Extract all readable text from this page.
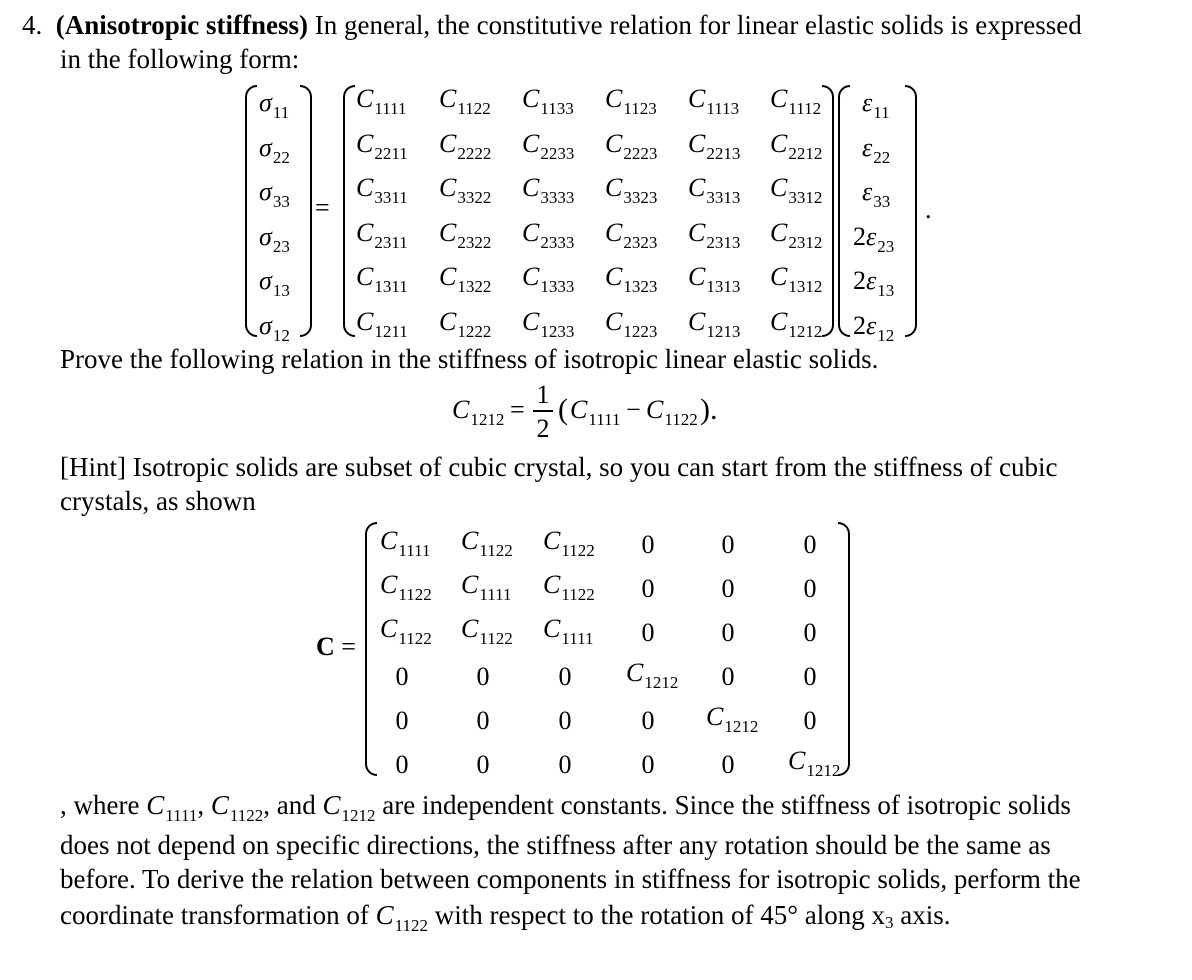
4. (Anisotropic stiffness) In general, the constitutive relation for linear elastic solids is expressed
in the following form:
$\sigma_{11}$
$\sigma_{22}$
$\sigma_{33}$
$\sigma_{23}$
$\sigma_{13}$
$\sigma_{12}$
=
$C_{1111}$ $C_{1122}$ $C_{1133}$ $C_{1123}$ $C_{1113}$ $C_{1112}$
$C_{2211}$ $C_{2222}$ $C_{2233}$ $C_{2223}$ $C_{2213}$ $C_{2212}$
$C_{3311}$ $C_{3322}$ $C_{3333}$ $C_{3323}$ $C_{3313}$ $C_{3312}$
$C_{2311}$ $C_{2322}$ $C_{2333}$ $C_{2323}$ $C_{2313}$ $C_{2312}$
$C_{1311}$ $C_{1322}$ $C_{1333}$ $C_{1323}$ $C_{1313}$ $C_{1312}$
$C_{1211}$ $C_{1222}$ $C_{1233}$ $C_{1223}$ $C_{1213}$ $C_{1212}$
$\varepsilon_{11}$
$\varepsilon_{22}$
$\varepsilon_{33}$
$2\varepsilon_{23}$
$2\varepsilon_{13}$
$2\varepsilon_{12}$
.
Prove the following relation in the stiffness of isotropic linear elastic solids.
$C_{1212}$ =
1
2
( $C_{1111} - C_{1122}$ ).
[Hint] Isotropic solids are subset of cubic crystal, so you can start from the stiffness of cubic
crystals, as shown
C =
$C_{1111}$ $C_{1122}$ $C_{1122}$	0	0	0
$C_{1122}$ $C_{1111}$ $C_{1122}$	0	0	0
$C_{1122}$ $C_{1122}$ $C_{1111}$	0	0	0
0	0	0	$C_{1212}$	0	0
0	0	0	0	$C_{1212}$	0
0	0	0	0	0	$C_{1212}$
, where $C_{1111}$, $C_{1122}$, and $C_{1212}$ are independent constants. Since the stiffness of isotropic solids
does not depend on specific directions, the stiffness after any rotation should be the same as
before. To derive the relation between components in stiffness for isotropic solids, perform the
coordinate transformation of $C_{1122}$ with respect to the rotation of 45° along x3 axis.
